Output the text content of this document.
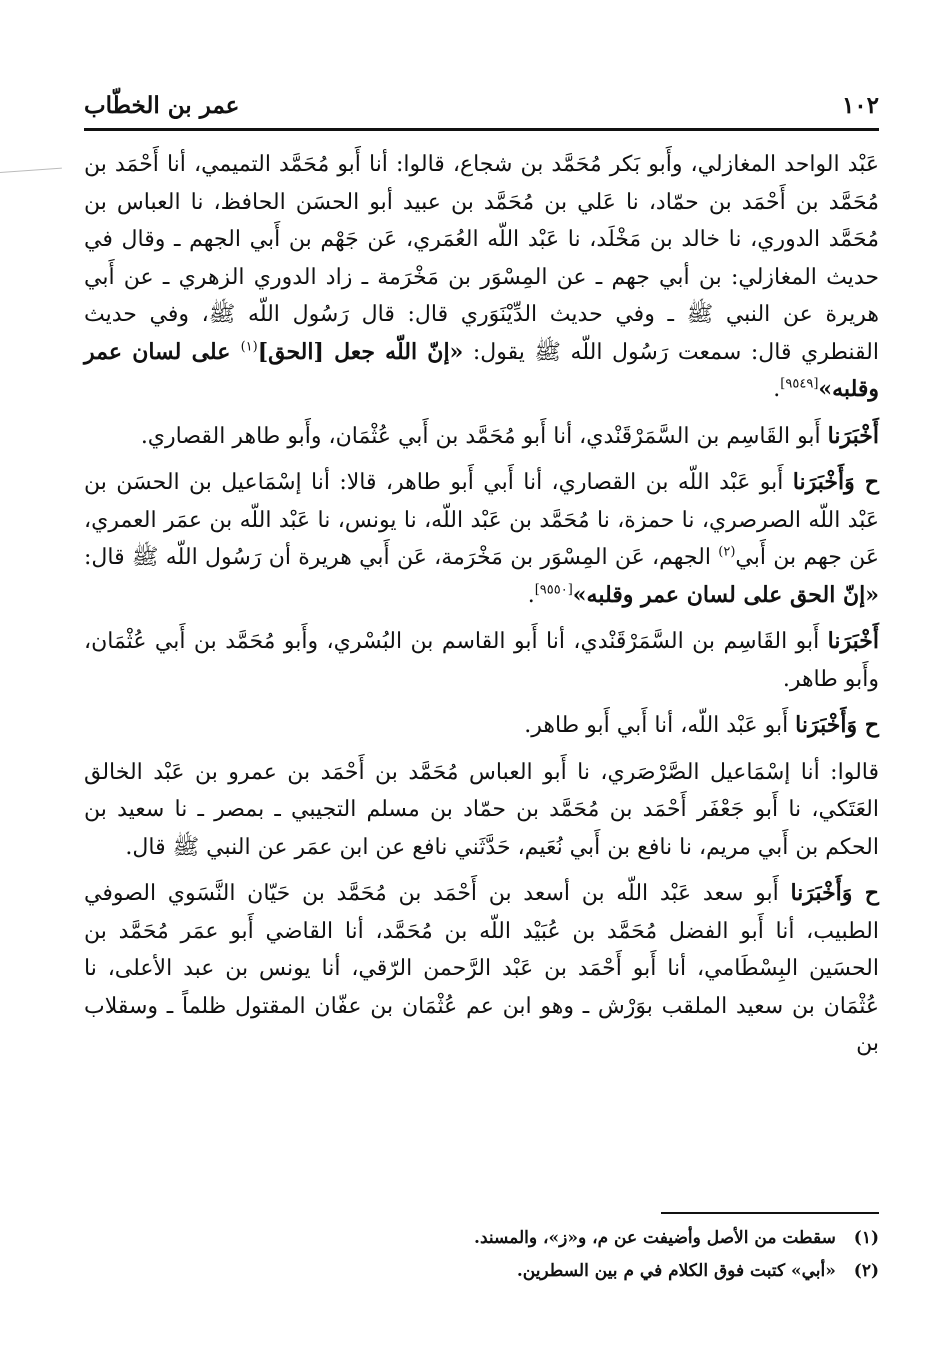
١٠٢
عمر بن الخطّاب

عَبْد الواحد المغازلي، وأَبو بَكر مُحَمَّد بن شجاع، قالوا: أنا أَبو مُحَمَّد التميمي، أنا أَحْمَد بن مُحَمَّد بن أَحْمَد بن حمّاد، نا عَلي بن مُحَمَّد بن عبيد أبو الحسَن الحافظ، نا العباس بن مُحَمَّد الدوري، نا خالد بن مَخْلَد، نا عَبْد اللّه العُمَري، عَن جَهْم بن أَبي الجهم ـ وقال في حديث المغازلي: بن أبي جهم ـ عن المِسْوَر بن مَخْرَمة ـ زاد الدوري الزهري ـ عن أَبي هريرة عن النبي ﷺ ـ وفي حديث الدِّيْنَوَري قال: قال رَسُول اللّه ﷺ، وفي حديث القنطري قال: سمعت رَسُول اللّه ﷺ يقول: «إنّ اللّه جعل [الحق]$^{(١)}$ على لسان عمر وقلبه»[٩٥٤٩].

أَخْبَرَنا أَبو القَاسِم بن السَّمَرْقَنْدي، أنا أَبو مُحَمَّد بن أَبي عُثْمَان، وأَبو طاهر القصاري.

ح وَأَخْبَرَنا أَبو عَبْد اللّه بن القصاري، أنا أَبي أَبو طاهر، قالا: أنا إسْمَاعيل بن الحسَن بن عَبْد اللّه الصرصري، نا حمزة، نا مُحَمَّد بن عَبْد اللّه، نا يونس، نا عَبْد اللّه بن عمَر العمري، عَن جهم بن أَبي$^{(٢)}$ الجهم، عَن المِسْوَر بن مَخْرَمة، عَن أَبي هريرة أن رَسُول اللّه ﷺ قال: «إنّ الحق على لسان عمر وقلبه»[٩٥٥٠].

أَخْبَرَنا أَبو القَاسِم بن السَّمَرْقَنْدي، أنا أَبو القاسم بن البُسْري، وأَبو مُحَمَّد بن أَبي عُثْمَان، وأَبو طاهر.

ح وَأَخْبَرَنا أَبو عَبْد اللّه، أنا أَبي أَبو طاهر.

قالوا: أنا إسْمَاعيل الصَّرْصَري، نا أَبو العباس مُحَمَّد بن أَحْمَد بن عمرو بن عَبْد الخالق العَتَكي، نا أَبو جَعْفَر أَحْمَد بن مُحَمَّد بن حمّاد بن مسلم التجيبي ـ بمصر ـ نا سعيد بن الحكم بن أَبي مريم، نا نافع بن أَبي نُعَيم، حَدَّثَني نافع عن ابن عمَر عن النبي ﷺ قال.

ح وَأَخْبَرَنا أَبو سعد عَبْد اللّه بن أسعد بن أَحْمَد بن مُحَمَّد بن حَيّان النَّسَوي الصوفي الطبيب، أنا أَبو الفضل مُحَمَّد بن عُبَيْد اللّه بن مُحَمَّد، أنا القاضي أَبو عمَر مُحَمَّد بن الحسَين البِسْطَامي، أنا أَبو أَحْمَد بن عَبْد الرَّحمن الرّقي، أنا يونس بن عبد الأعلى، نا عُثْمَان بن سعيد الملقب بوَرْش ـ وهو ابن عم عُثْمَان بن عفّان المقتول ظلماً ـ وسقلاب بن

(١) سقطت من الأصل وأضيفت عن م، و«ز»، والمسند.

(٢) «أبي» كتبت فوق الكلام في م بين السطرين.
